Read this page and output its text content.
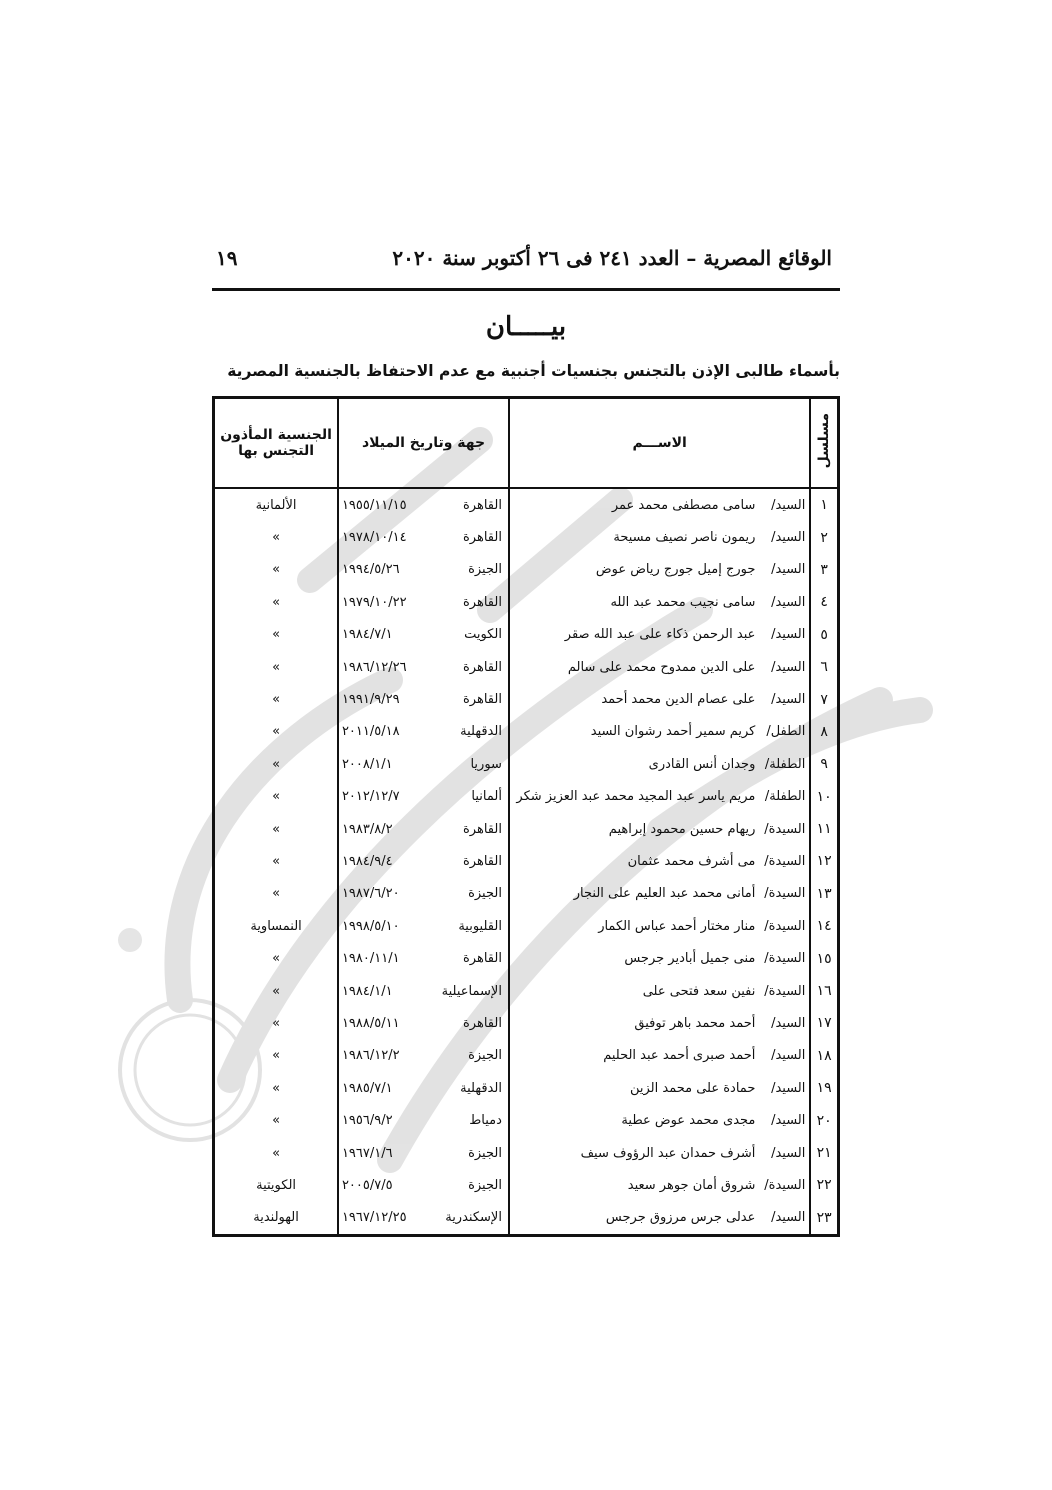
الوقائع المصرية – العدد ٢٤١ فى ٢٦ أكتوبر سنة ٢٠٢٠
١٩
بيـــــان
بأسماء طالبى الإذن بالتجنس بجنسيات أجنبية مع عدم الاحتفاظ بالجنسية المصرية
مسلسل	الاســـم	جهة وتاريخ الميلاد	الجنسية المأذون التجنس بها
١	السيد/سامى مصطفى محمد عمر	القاهرة١٩٥٥/١١/١٥	الألمانية
٢	السيد/ريمون ناصر نصيف مسيحة	القاهرة١٩٧٨/١٠/١٤	»
٣	السيد/جورج إميل جورج رياض عوض	الجيزة١٩٩٤/٥/٢٦	»
٤	السيد/سامى نجيب محمد عبد الله	القاهرة١٩٧٩/١٠/٢٢	»
٥	السيد/عبد الرحمن ذكاء على عبد الله صقر	الكويت١٩٨٤/٧/١	»
٦	السيد/على الدين ممدوح محمد على سالم	القاهرة١٩٨٦/١٢/٢٦	»
٧	السيد/على عصام الدين محمد أحمد	القاهرة١٩٩١/٩/٢٩	»
٨	الطفل/كريم سمير أحمد رشوان السيد	الدقهلية٢٠١١/٥/١٨	»
٩	الطفلة/وجدان أنس القادرى	سوريا٢٠٠٨/١/١	»
١٠	الطفلة/مريم ياسر عبد المجيد محمد عبد العزيز شكر	ألمانيا٢٠١٢/١٢/٧	»
١١	السيدة/ريهام حسين محمود إبراهيم	القاهرة١٩٨٣/٨/٢	»
١٢	السيدة/مى أشرف محمد عثمان	القاهرة١٩٨٤/٩/٤	»
١٣	السيدة/أمانى محمد عبد العليم على النجار	الجيزة١٩٨٧/٦/٢٠	»
١٤	السيدة/منار مختار أحمد عباس الكمار	القليوبية١٩٩٨/٥/١٠	النمساوية
١٥	السيدة/منى جميل أبادير جرجس	القاهرة١٩٨٠/١١/١	»
١٦	السيدة/نفين سعد فتحى على	الإسماعيلية١٩٨٤/١/١	»
١٧	السيد/أحمد محمد باهر توفيق	القاهرة١٩٨٨/٥/١١	»
١٨	السيد/أحمد صبرى أحمد عبد الحليم	الجيزة١٩٨٦/١٢/٢	»
١٩	السيد/حمادة على محمد الزين	الدقهلية١٩٨٥/٧/١	»
٢٠	السيد/مجدى محمد عوض عطية	دمياط١٩٥٦/٩/٢	»
٢١	السيد/أشرف حمدان عبد الرؤوف سيف	الجيزة١٩٦٧/١/٦	»
٢٢	السيدة/شروق أمان جوهر سعيد	الجيزة٢٠٠٥/٧/٥	الكويتية
٢٣	السيد/عدلى جرس مرزوق جرجس	الإسكندرية١٩٦٧/١٢/٢٥	الهولندية
